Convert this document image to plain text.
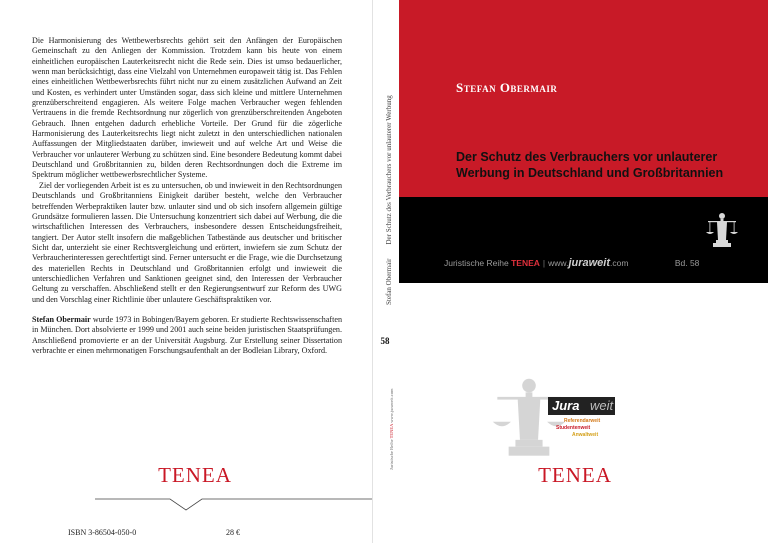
Die Harmonisierung des Wettbewerbsrechts gehört seit den Anfängen der Europäischen Gemeinschaft zu den Anliegen der Kommission. Trotzdem kann bis heute von einem einheitlichen europäischen Lauterkeitsrecht nicht die Rede sein. Dies ist umso bedauerlicher, wenn man berücksichtigt, dass eine Vielzahl von Unternehmen europaweit tätig ist. Das Fehlen eines einheitlichen Wettbewerbsrechts führt nicht nur zu einem zusätzlichen Aufwand an Zeit und Kosten, es verhindert unter Umständen sogar, dass sich kleine und mittlere Unternehmen grenzüberschreitend engagieren. Als weitere Folge machen Verbraucher wegen fehlenden Vertrauens in die fremde Rechtsordnung nur zögerlich von grenzüberschreitenden Angeboten Gebrauch. Ihnen entgehen dadurch erhebliche Vorteile. Der Grund für die zögerliche Harmonisierung des Lauterkeitsrechts liegt nicht zuletzt in den unterschiedlichen nationalen Auffassungen der Mitgliedstaaten darüber, inwieweit und auf welche Art und Weise die Verbraucher vor unlauterer Werbung zu schützen sind. Eine besondere Bedeutung kommt dabei Deutschland und Großbritannien zu, bilden deren Rechtsordnungen doch die Extreme im Spektrum möglicher wettbewerbsrechtlicher Systeme.

Ziel der vorliegenden Arbeit ist es zu untersuchen, ob und inwieweit in den Rechtsordnungen Deutschlands und Großbritanniens Einigkeit darüber besteht, welche den Verbraucher betreffenden Werbepraktiken lauter bzw. unlauter sind und ob sich insofern allgemein gültige Grundsätze formulieren lassen. Die Untersuchung konzentriert sich dabei auf Werbung, die die wirtschaftlichen Interessen des Verbrauchers, insbesondere dessen Entscheidungsfreiheit, tangiert. Der Autor stellt insofern die maßgeblichen Tatbestände aus deutscher und britischer Sicht dar, unterzieht sie einer Rechtsvergleichung und erörtert, inwiefern sie zum Schutz der Verbraucherinteressen gerechtfertigt sind. Ferner untersucht er die Frage, wie die Durchsetzung des materiellen Rechts in Deutschland und Großbritannien erfolgt und inwieweit die unterschiedlichen Verfahren und Sanktionen geeignet sind, den Interessen der Verbraucher Geltung zu verschaffen. Abschließend stellt er den Regierungsentwurf zur Reform des UWG und den Vorschlag einer Richtlinie über unlautere Geschäftspraktiken vor.

Stefan Obermair wurde 1973 in Bobingen/Bayern geboren. Er studierte Rechtswissenschaften in München. Dort absolvierte er 1999 und 2001 auch seine beiden juristischen Staatsprüfungen. Anschließend promovierte er an der Universität Augsburg. Zur Erstellung seiner Dissertation verbrachte er einen mehrmonatigen Forschungsaufenthalt an der Bodleian Library, Oxford.

TENEA
ISBN 3-86504-050-0	28 €
Stefan ObermairDer Schutz des Verbrauchers vor unlauterer Werbung
58
Juristische Reihe TENEA www.juraweit.com
Stefan Obermair
Der Schutz des Verbrauchers vor unlauterer Werbung in Deutschland und Großbritannien
Juristische Reihe TENEA | www.juraweit.com	Bd. 58
Jura weit
Referendarweit
Studentenweit
Anwaltweit
TENEA
